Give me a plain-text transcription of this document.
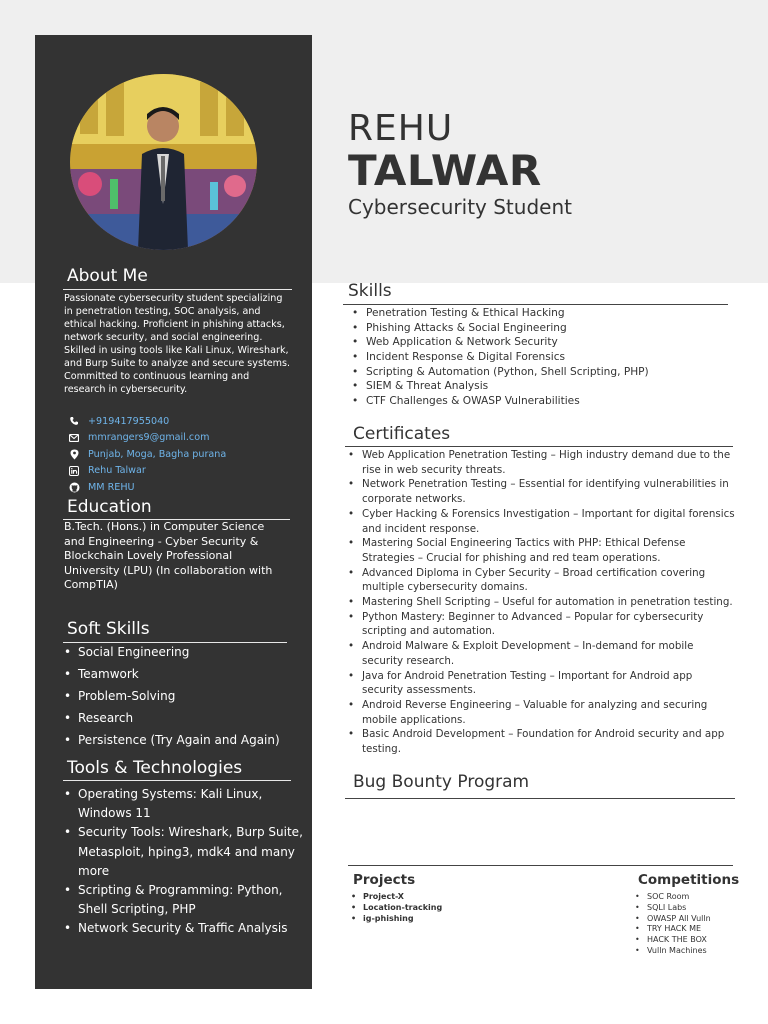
REHU
TALWAR
Cybersecurity Student
About Me
Passionate cybersecurity student specializing in penetration testing, SOC analysis, and ethical hacking. Proficient in phishing attacks, network security, and social engineering. Skilled in using tools like Kali Linux, Wireshark, and Burp Suite to analyze and secure systems. Committed to continuous learning and research in cybersecurity.
+919417955040
mmrangers9@gmail.com
Punjab, Moga, Bagha purana
Rehu Talwar
MM REHU
Education
B.Tech. (Hons.) in Computer Science and Engineering - Cyber Security & Blockchain Lovely Professional University (LPU) (In collaboration with CompTIA)
Soft Skills
• Social Engineering
• Teamwork
• Problem-Solving
• Research
• Persistence (Try Again and Again)
Tools & Technologies
• Operating Systems: Kali Linux, Windows 11
• Security Tools: Wireshark, Burp Suite, Metasploit, hping3, mdk4 and many more
• Scripting & Programming: Python, Shell Scripting, PHP
• Network Security & Traffic Analysis
Skills
• Penetration Testing & Ethical Hacking
• Phishing Attacks & Social Engineering
• Web Application & Network Security
• Incident Response & Digital Forensics
• Scripting & Automation (Python, Shell Scripting, PHP)
• SIEM & Threat Analysis
• CTF Challenges & OWASP Vulnerabilities
Certificates
• Web Application Penetration Testing – High industry demand due to the rise in web security threats.
• Network Penetration Testing – Essential for identifying vulnerabilities in corporate networks.
• Cyber Hacking & Forensics Investigation – Important for digital forensics and incident response.
• Mastering Social Engineering Tactics with PHP: Ethical Defense Strategies – Crucial for phishing and red team operations.
• Advanced Diploma in Cyber Security – Broad certification covering multiple cybersecurity domains.
• Mastering Shell Scripting – Useful for automation in penetration testing.
• Python Mastery: Beginner to Advanced – Popular for cybersecurity scripting and automation.
• Android Malware & Exploit Development – In-demand for mobile security research.
• Java for Android Penetration Testing – Important for Android app security assessments.
• Android Reverse Engineering – Valuable for analyzing and securing mobile applications.
• Basic Android Development – Foundation for Android security and app testing.
Bug Bounty Program
Projects
• Project-X
• Location-tracking
• ig-phishing
Competitions
• SOC Room
• SQLI Labs
• OWASP All Vulln
• TRY HACK ME
• HACK THE BOX
• Vulln Machines
